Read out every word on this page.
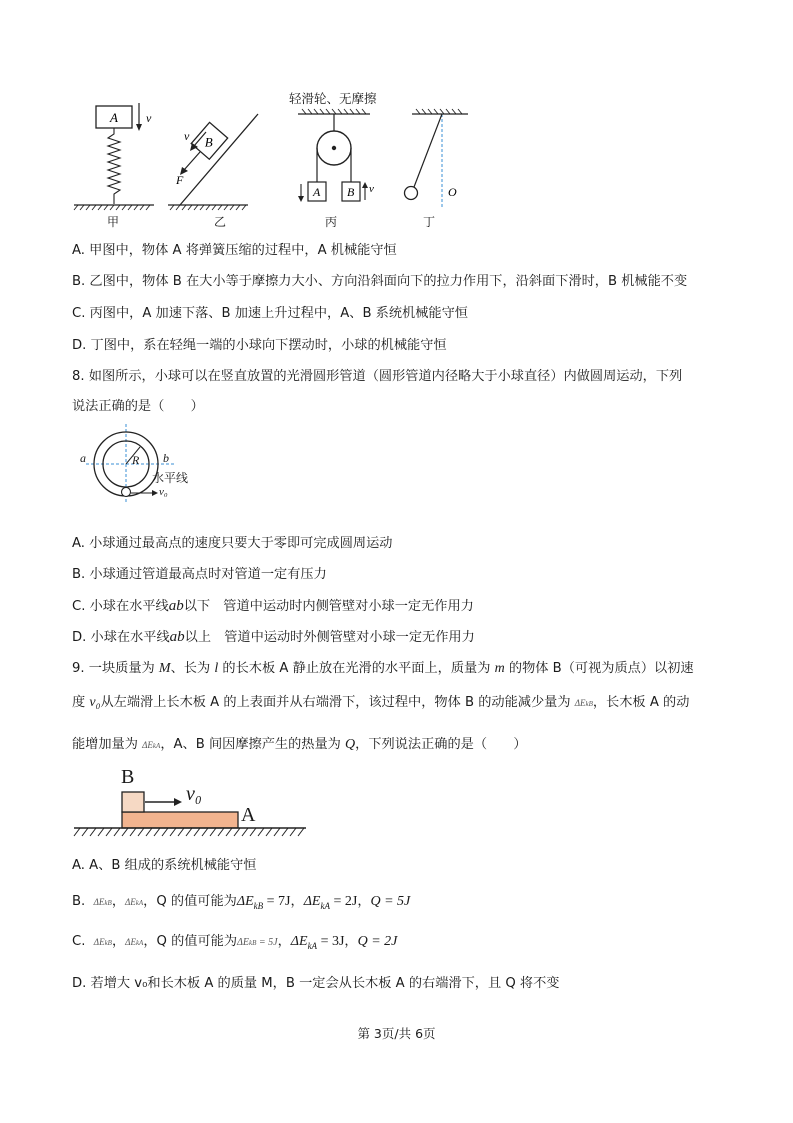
A v
B
v
F
A B v	O
轻滑轮、无摩擦
甲	乙	丙	丁
A. 甲图中，物体 A 将弹簧压缩的过程中，A 机械能守恒
B. 乙图中，物体 B 在大小等于摩擦力大小、方向沿斜面向下的拉力作用下，沿斜面下滑时，B 机械能不变
C. 丙图中，A 加速下落、B 加速上升过程中，A、B 系统机械能守恒
D. 丁图中，系在轻绳一端的小球向下摆动时，小球的机械能守恒
8. 如图所示，小球可以在竖直放置的光滑圆形管道（圆形管道内径略大于小球直径）内做圆周运动，下列
说法正确的是（　　）
a	R b
水平线
v₀
A. 小球通过最高点的速度只要大于零即可完成圆周运动
B. 小球通过管道最高点时对管道一定有压力
C. 小球在水平线ab以下　管道中运动时内侧管壁对小球一定无作用力
D. 小球在水平线ab以上　管道中运动时外侧管壁对小球一定无作用力
9. 一块质量为 M、长为 l 的长木板 A 静止放在光滑的水平面上，质量为 m 的物体 B（可视为质点）以初速
度 v₀从左端滑上长木板 A 的上表面并从右端滑下，该过程中，物体 B 的动能减少量为 ΔEkB，长木板 A 的动
能增加量为 ΔEkA，A、B 间因摩擦产生的热量为 Q，下列说法正确的是（　　）
B
v₀
A
A. A、B 组成的系统机械能守恒
B. ΔEkB，ΔEkA，Q 的值可能为$\Delta E_{kB} = 7J$，$\Delta E_{kA} = 2J$，Q = 5J
C. ΔEkB，ΔEkA，Q 的值可能为ΔEkB = 5J，$\Delta E_{kA} = 3J$，Q = 2J
D. 若增大 v₀和长木板 A 的质量 M，B 一定会从长木板 A 的右端滑下，且 Q 将不变
第 3页/共 6页
